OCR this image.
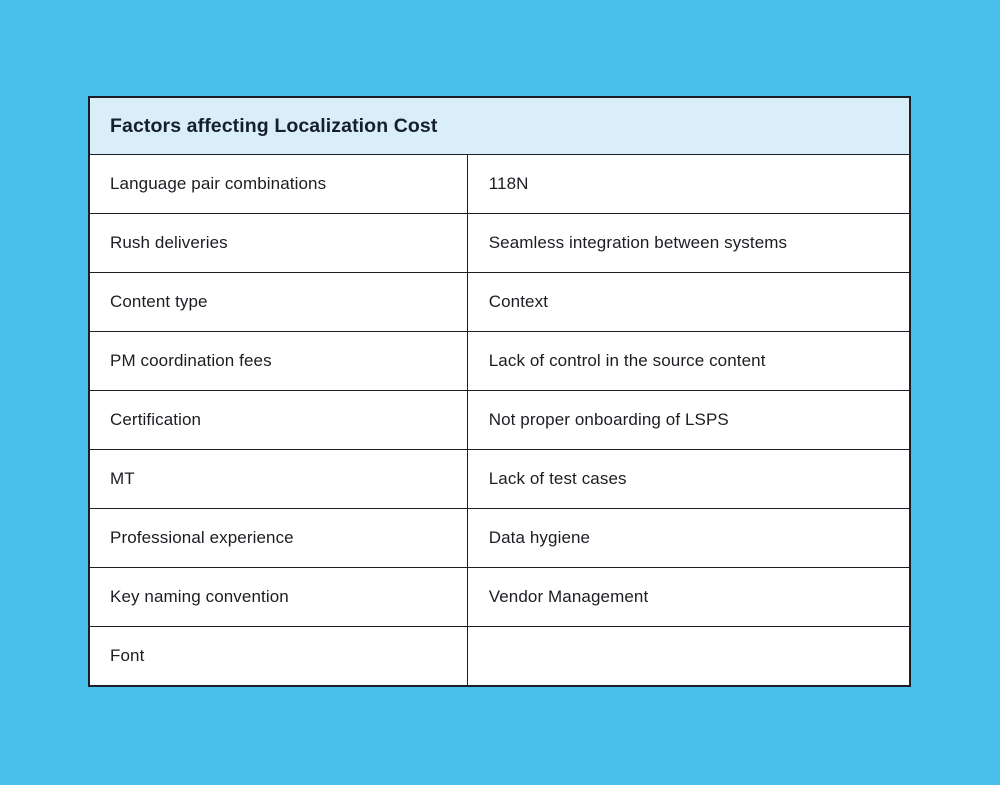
Factors affecting Localization Cost
Language pair combinations	118N
Rush deliveries	Seamless integration between systems
Content type	Context
PM coordination fees	Lack of control in the source content
Certification	Not proper onboarding of LSPS
MT	Lack of test cases
Professional experience	Data hygiene
Key naming convention	Vendor Management
Font
